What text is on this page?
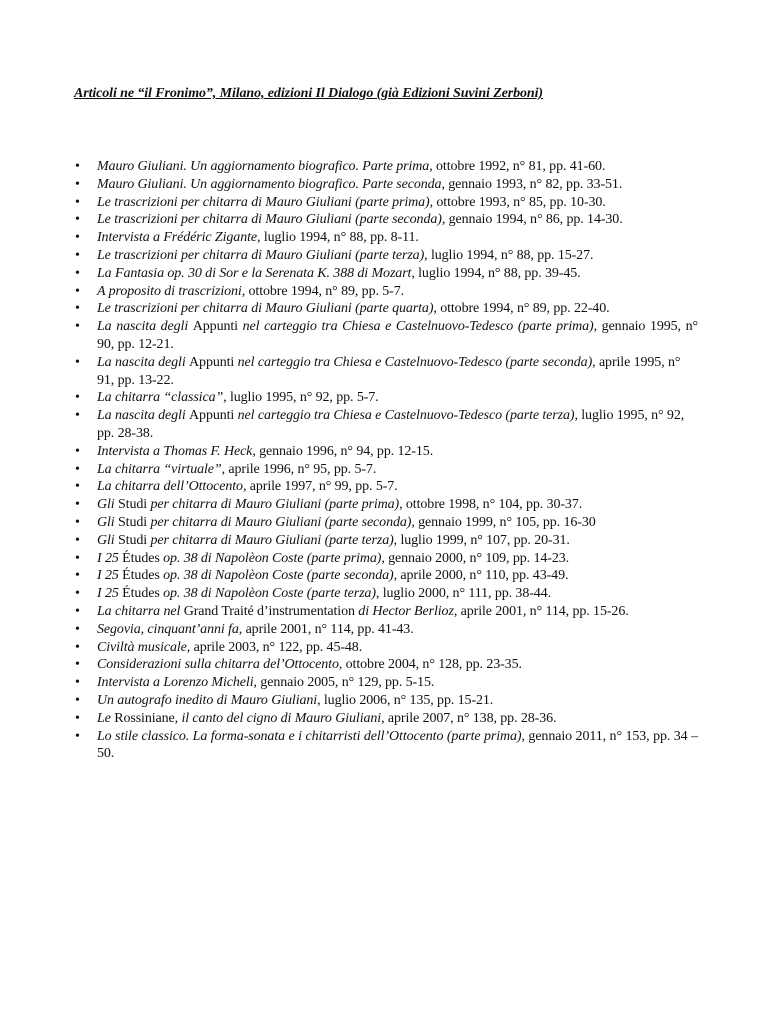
Articoli ne “il Fronimo”, Milano, edizioni Il Dialogo (già Edizioni Suvini Zerboni)
• Mauro Giuliani. Un aggiornamento biografico. Parte prima, ottobre 1992, n° 81, pp. 41-60.
• Mauro Giuliani. Un aggiornamento biografico. Parte seconda, gennaio 1993, n° 82, pp. 33-51.
• Le trascrizioni per chitarra di Mauro Giuliani (parte prima), ottobre 1993, n° 85, pp. 10-30.
• Le trascrizioni per chitarra di Mauro Giuliani (parte seconda), gennaio 1994, n° 86, pp. 14-30.
• Intervista a Frédéric Zigante, luglio 1994, n° 88, pp. 8-11.
• Le trascrizioni per chitarra di Mauro Giuliani (parte terza), luglio 1994, n° 88, pp. 15-27.
• La Fantasia op. 30 di Sor e la Serenata K. 388 di Mozart, luglio 1994, n° 88, pp. 39-45.
• A proposito di trascrizioni, ottobre 1994, n° 89, pp. 5-7.
• Le trascrizioni per chitarra di Mauro Giuliani (parte quarta), ottobre 1994, n° 89, pp. 22-40.
• La nascita degli Appunti nel carteggio tra Chiesa e Castelnuovo-Tedesco (parte prima), gennaio 1995, n° 90, pp. 12-21.
• La nascita degli Appunti nel carteggio tra Chiesa e Castelnuovo-Tedesco (parte seconda), aprile 1995, n° 91, pp. 13-22.
• La chitarra “classica”, luglio 1995, n° 92, pp. 5-7.
• La nascita degli Appunti nel carteggio tra Chiesa e Castelnuovo-Tedesco (parte terza), luglio 1995, n° 92, pp. 28-38.
• Intervista a Thomas F. Heck, gennaio 1996, n° 94, pp. 12-15.
• La chitarra “virtuale”, aprile 1996, n° 95, pp. 5-7.
• La chitarra dell’Ottocento, aprile 1997, n° 99, pp. 5-7.
• Gli Studi per chitarra di Mauro Giuliani (parte prima), ottobre 1998, n° 104, pp. 30-37.
• Gli Studi per chitarra di Mauro Giuliani (parte seconda), gennaio 1999, n° 105, pp. 16-30
• Gli Studi per chitarra di Mauro Giuliani (parte terza), luglio 1999, n° 107, pp. 20-31.
• I 25 Études op. 38 di Napolèon Coste (parte prima), gennaio 2000, n° 109, pp. 14-23.
• I 25 Études op. 38 di Napolèon Coste (parte seconda), aprile 2000, n° 110, pp. 43-49.
• I 25 Études op. 38 di Napolèon Coste (parte terza), luglio 2000, n° 111, pp. 38-44.
• La chitarra nel Grand Traité d’instrumentation di Hector Berlioz, aprile 2001, n° 114, pp. 15-26.
• Segovia, cinquant’anni fa, aprile 2001, n° 114, pp. 41-43.
• Civiltà musicale, aprile 2003, n° 122, pp. 45-48.
• Considerazioni sulla chitarra del’Ottocento, ottobre 2004, n° 128, pp. 23-35.
• Intervista a Lorenzo Micheli, gennaio 2005, n° 129, pp. 5-15.
• Un autografo inedito di Mauro Giuliani, luglio 2006, n° 135, pp. 15-21.
• Le Rossiniane, il canto del cigno di Mauro Giuliani, aprile 2007, n° 138, pp. 28-36.
• Lo stile classico. La forma-sonata e i chitarristi dell’Ottocento (parte prima), gennaio 2011, n° 153, pp. 34 – 50.
